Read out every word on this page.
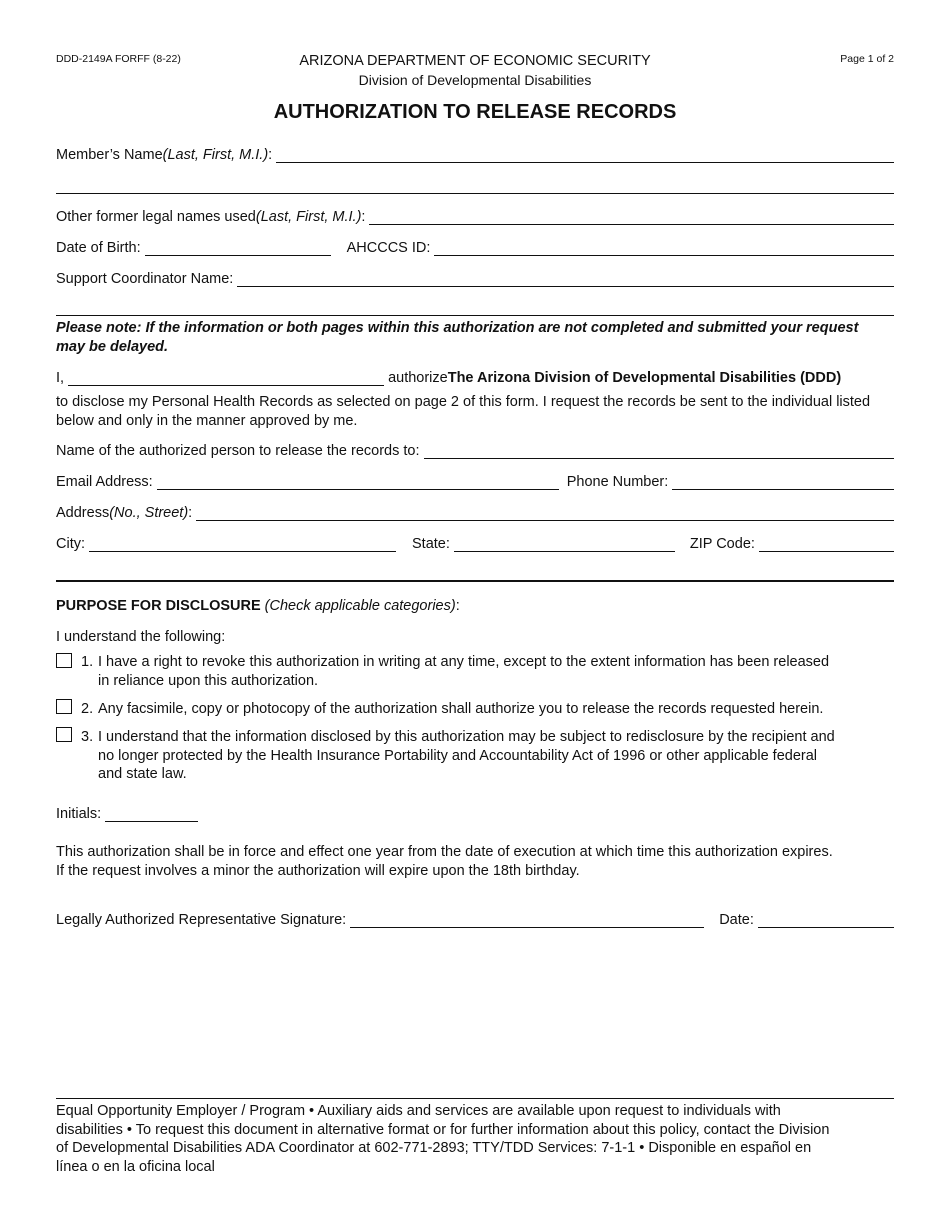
DDD-2149A FORFF (8-22)	ARIZONA DEPARTMENT OF ECONOMIC SECURITY
Division of Developmental Disabilities
Page 1 of 2
AUTHORIZATION TO RELEASE RECORDS
Member’s Name (Last, First, M.I.) :
Other former legal names used (Last, First, M.I.) :
Date of Birth:	AHCCCS ID:
Support Coordinator Name:
Please note: If the information or both pages within this authorization are not completed and submitted your request may be delayed.
I,	authorize The Arizona Division of Developmental Disabilities (DDD)
to disclose my Personal Health Records as selected on page 2 of this form. I request the records be sent to the individual listed below and only in the manner approved by me.
Name of the authorized person to release the records to:
Email Address:	Phone Number:
Address (No., Street) :
City:	State:	ZIP Code:
PURPOSE FOR DISCLOSURE (Check applicable categories):
I understand the following:
1. I have a right to revoke this authorization in writing at any time, except to the extent information has been released
in reliance upon this authorization.
2. Any facsimile, copy or photocopy of the authorization shall authorize you to release the records requested herein.
3. I understand that the information disclosed by this authorization may be subject to redisclosure by the recipient and
no longer protected by the Health Insurance Portability and Accountability Act of 1996 or other applicable federal
and state law.
Initials:
This authorization shall be in force and effect one year from the date of execution at which time this authorization expires.
If the request involves a minor the authorization will expire upon the 18th birthday.
Legally Authorized Representative Signature:	Date:
Equal Opportunity Employer / Program • Auxiliary aids and services are available upon request to individuals with
disabilities • To request this document in alternative format or for further information about this policy, contact the Division
of Developmental Disabilities ADA Coordinator at 602-771-2893; TTY/TDD Services: 7-1-1 • Disponible en español en
línea o en la oficina local
